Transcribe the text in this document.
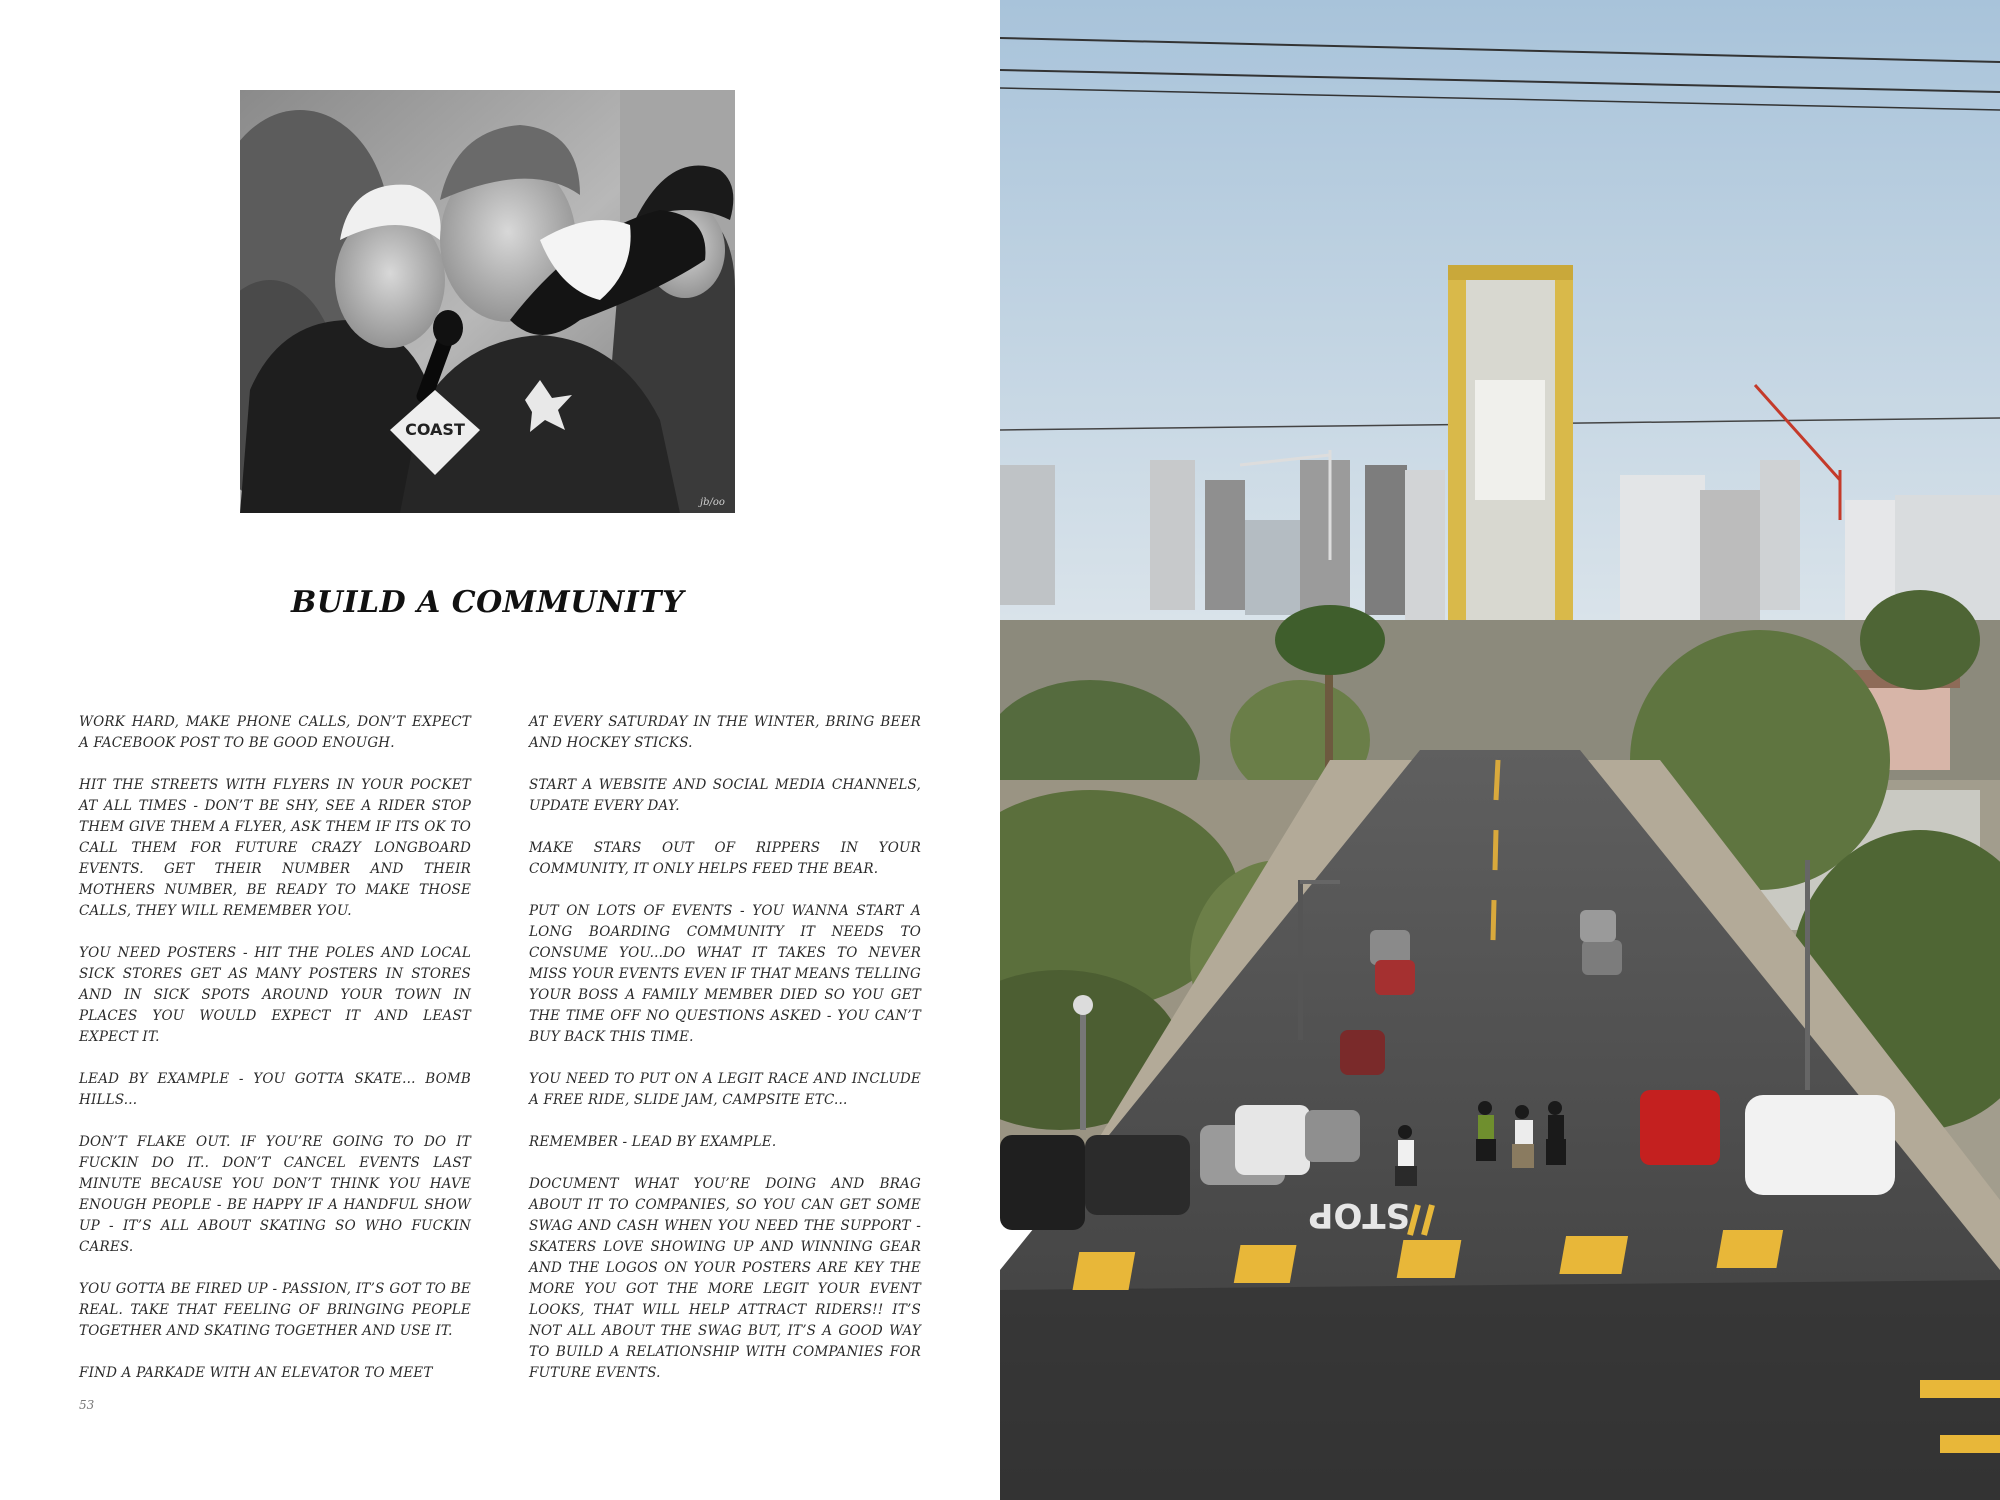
COAST
jb/oo
BUILD A COMMUNITY

WORK HARD, MAKE PHONE CALLS, DON’T EXPECT A FACEBOOK POST TO BE GOOD ENOUGH.

HIT THE STREETS WITH FLYERS IN YOUR POCKET AT ALL TIMES - DON’T BE SHY, SEE A RIDER STOP THEM GIVE THEM A FLYER, ASK THEM IF ITS OK TO CALL THEM FOR FUTURE CRAZY LONGBOARD EVENTS. GET THEIR NUMBER AND THEIR MOTHERS NUMBER, BE READY TO MAKE THOSE CALLS, THEY WILL REMEMBER YOU.

YOU NEED POSTERS - HIT THE POLES AND LOCAL SICK STORES GET AS MANY POSTERS IN STORES AND IN SICK SPOTS AROUND YOUR TOWN IN PLACES YOU WOULD EXPECT IT AND LEAST EXPECT IT.

LEAD BY EXAMPLE - YOU GOTTA SKATE... BOMB HILLS...

DON’T FLAKE OUT. IF YOU’RE GOING TO DO IT FUCKIN DO IT.. DON’T CANCEL EVENTS LAST MINUTE BECAUSE YOU DON’T THINK YOU HAVE ENOUGH PEOPLE - BE HAPPY IF A HANDFUL SHOW UP - IT’S ALL ABOUT SKATING SO WHO FUCKIN CARES.

YOU GOTTA BE FIRED UP - PASSION, IT’S GOT TO BE REAL. TAKE THAT FEELING OF BRINGING PEOPLE TOGETHER AND SKATING TOGETHER AND USE IT.

FIND A PARKADE WITH AN ELEVATOR TO MEET

AT EVERY SATURDAY IN THE WINTER, BRING BEER AND HOCKEY STICKS.

START A WEBSITE AND SOCIAL MEDIA CHANNELS, UPDATE EVERY DAY.

MAKE STARS OUT OF RIPPERS IN YOUR COMMUNITY, IT ONLY HELPS FEED THE BEAR.

PUT ON LOTS OF EVENTS - YOU WANNA START A LONG BOARDING COMMUNITY IT NEEDS TO CONSUME YOU...DO WHAT IT TAKES TO NEVER MISS YOUR EVENTS EVEN IF THAT MEANS TELLING YOUR BOSS A FAMILY MEMBER DIED SO YOU GET THE TIME OFF NO QUESTIONS ASKED - YOU CAN’T BUY BACK THIS TIME.

YOU NEED TO PUT ON A LEGIT RACE AND INCLUDE A FREE RIDE, SLIDE JAM, CAMPSITE ETC...

REMEMBER - LEAD BY EXAMPLE.

DOCUMENT WHAT YOU’RE DOING AND BRAG ABOUT IT TO COMPANIES, SO YOU CAN GET SOME SWAG AND CASH WHEN YOU NEED THE SUPPORT - SKATERS LOVE SHOWING UP AND WINNING GEAR AND THE LOGOS ON YOUR POSTERS ARE KEY THE MORE YOU GOT THE MORE LEGIT YOUR EVENT LOOKS, THAT WILL HELP ATTRACT RIDERS!! IT’S NOT ALL ABOUT THE SWAG BUT, IT’S A GOOD WAY TO BUILD A RELATIONSHIP WITH COMPANIES FOR FUTURE EVENTS.

53
STOP
